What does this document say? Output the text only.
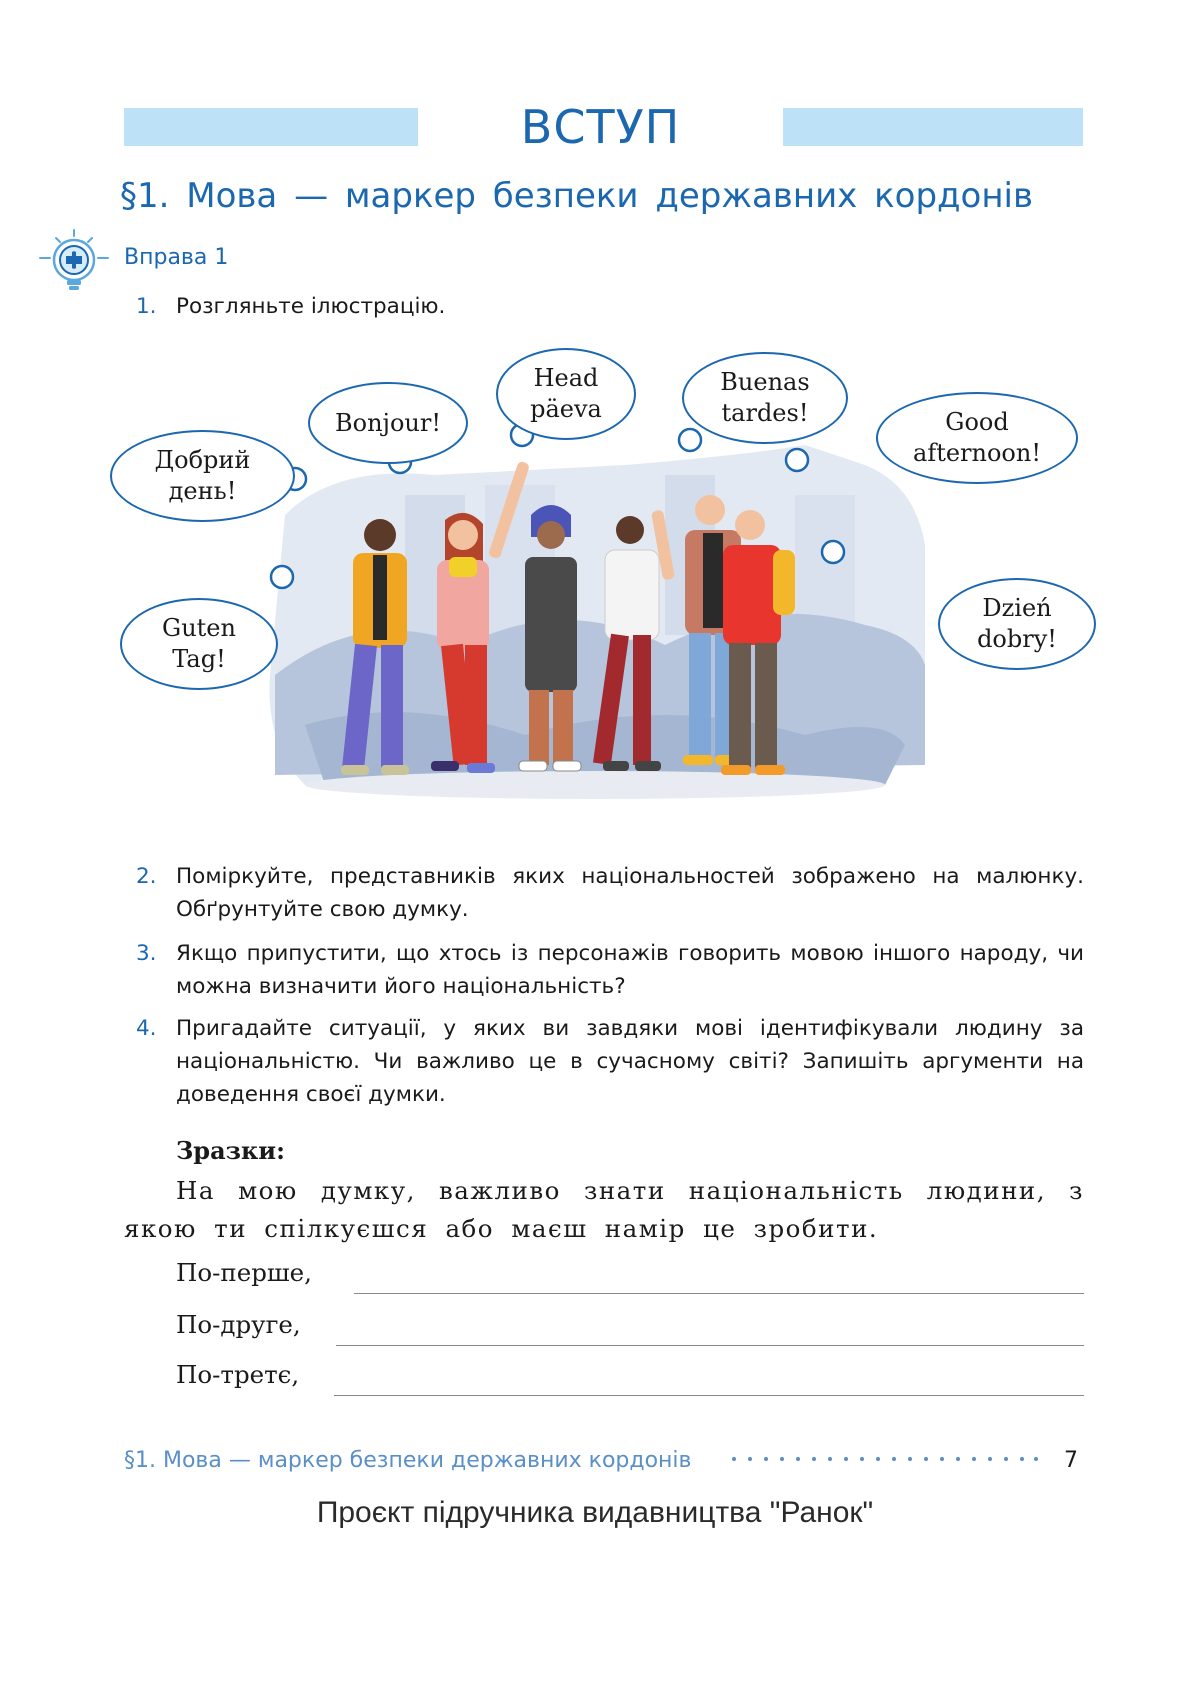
ВСТУП
§1. Мова — маркер безпеки державних кордонів
Вправа 1
1. Розгляньте ілюстрацію.
Добрий
день!
Bonjour!
Head
päeva
Buenas
tardes!	Good
afternoon!
Guten
Tag!
Dzień
dobry!
2. Поміркуйте, представників яких національностей зображено на малюнку. Обґрунтуйте свою думку.
3. Якщо припустити, що хтось із персонажів говорить мовою іншого народу, чи можна визначити його національність?
4. Пригадайте ситуації, у яких ви завдяки мові ідентифікували людину за національністю. Чи важливо це в сучасному світі? Запишіть аргументи на доведення своєї думки.
Зразки:
На мою думку, важливо знати національність людини, з якою ти спілкуєшся або маєш намір це зробити.
По-перше,
По-друге,
По-третє,
§1. Мова — маркер безпеки державних кордонів	7
Проєкт підручника видавництва "Ранок"
